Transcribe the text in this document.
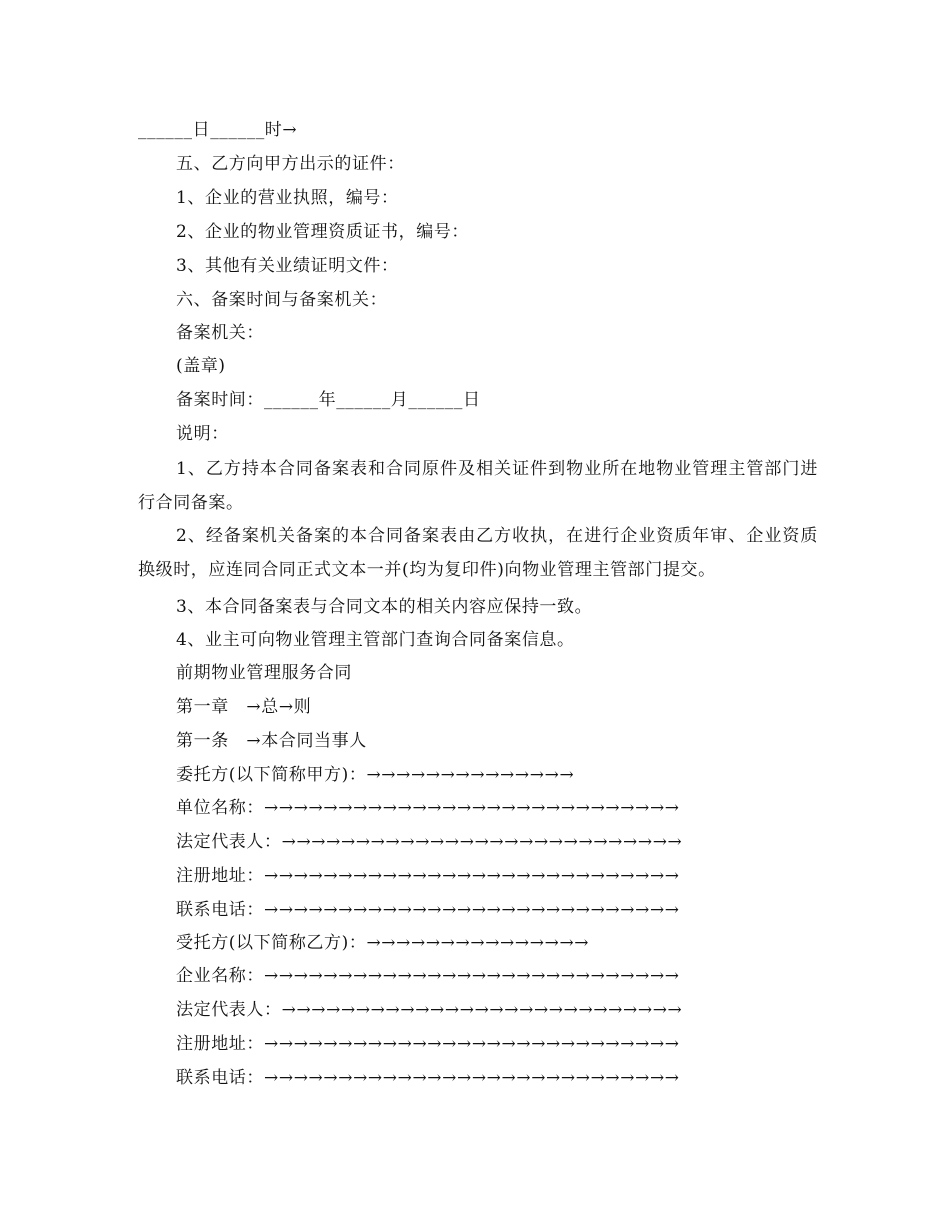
______日______时→
五、乙方向甲方出示的证件：
1、企业的营业执照，编号：
2、企业的物业管理资质证书，编号：
3、其他有关业绩证明文件：
六、备案时间与备案机关：
备案机关：
(盖章)
备案时间：______年______月______日
说明：
1、乙方持本合同备案表和合同原件及相关证件到物业所在地物业管理主管部门进行合同备案。
2、经备案机关备案的本合同备案表由乙方收执，在进行企业资质年审、企业资质换级时，应连同合同正式文本一并(均为复印件)向物业管理主管部门提交。
3、本合同备案表与合同文本的相关内容应保持一致。
4、业主可向物业管理主管部门查询合同备案信息。
前期物业管理服务合同
第一章　→总→则
第一条　→本合同当事人
委托方(以下简称甲方)：→→→→→→→→→→→→→→
单位名称：→→→→→→→→→→→→→→→→→→→→→→→→→→→→
法定代表人：→→→→→→→→→→→→→→→→→→→→→→→→→→→
注册地址：→→→→→→→→→→→→→→→→→→→→→→→→→→→→
联系电话：→→→→→→→→→→→→→→→→→→→→→→→→→→→→
受托方(以下简称乙方)：→→→→→→→→→→→→→→→
企业名称：→→→→→→→→→→→→→→→→→→→→→→→→→→→→
法定代表人：→→→→→→→→→→→→→→→→→→→→→→→→→→→
注册地址：→→→→→→→→→→→→→→→→→→→→→→→→→→→→
联系电话：→→→→→→→→→→→→→→→→→→→→→→→→→→→→
